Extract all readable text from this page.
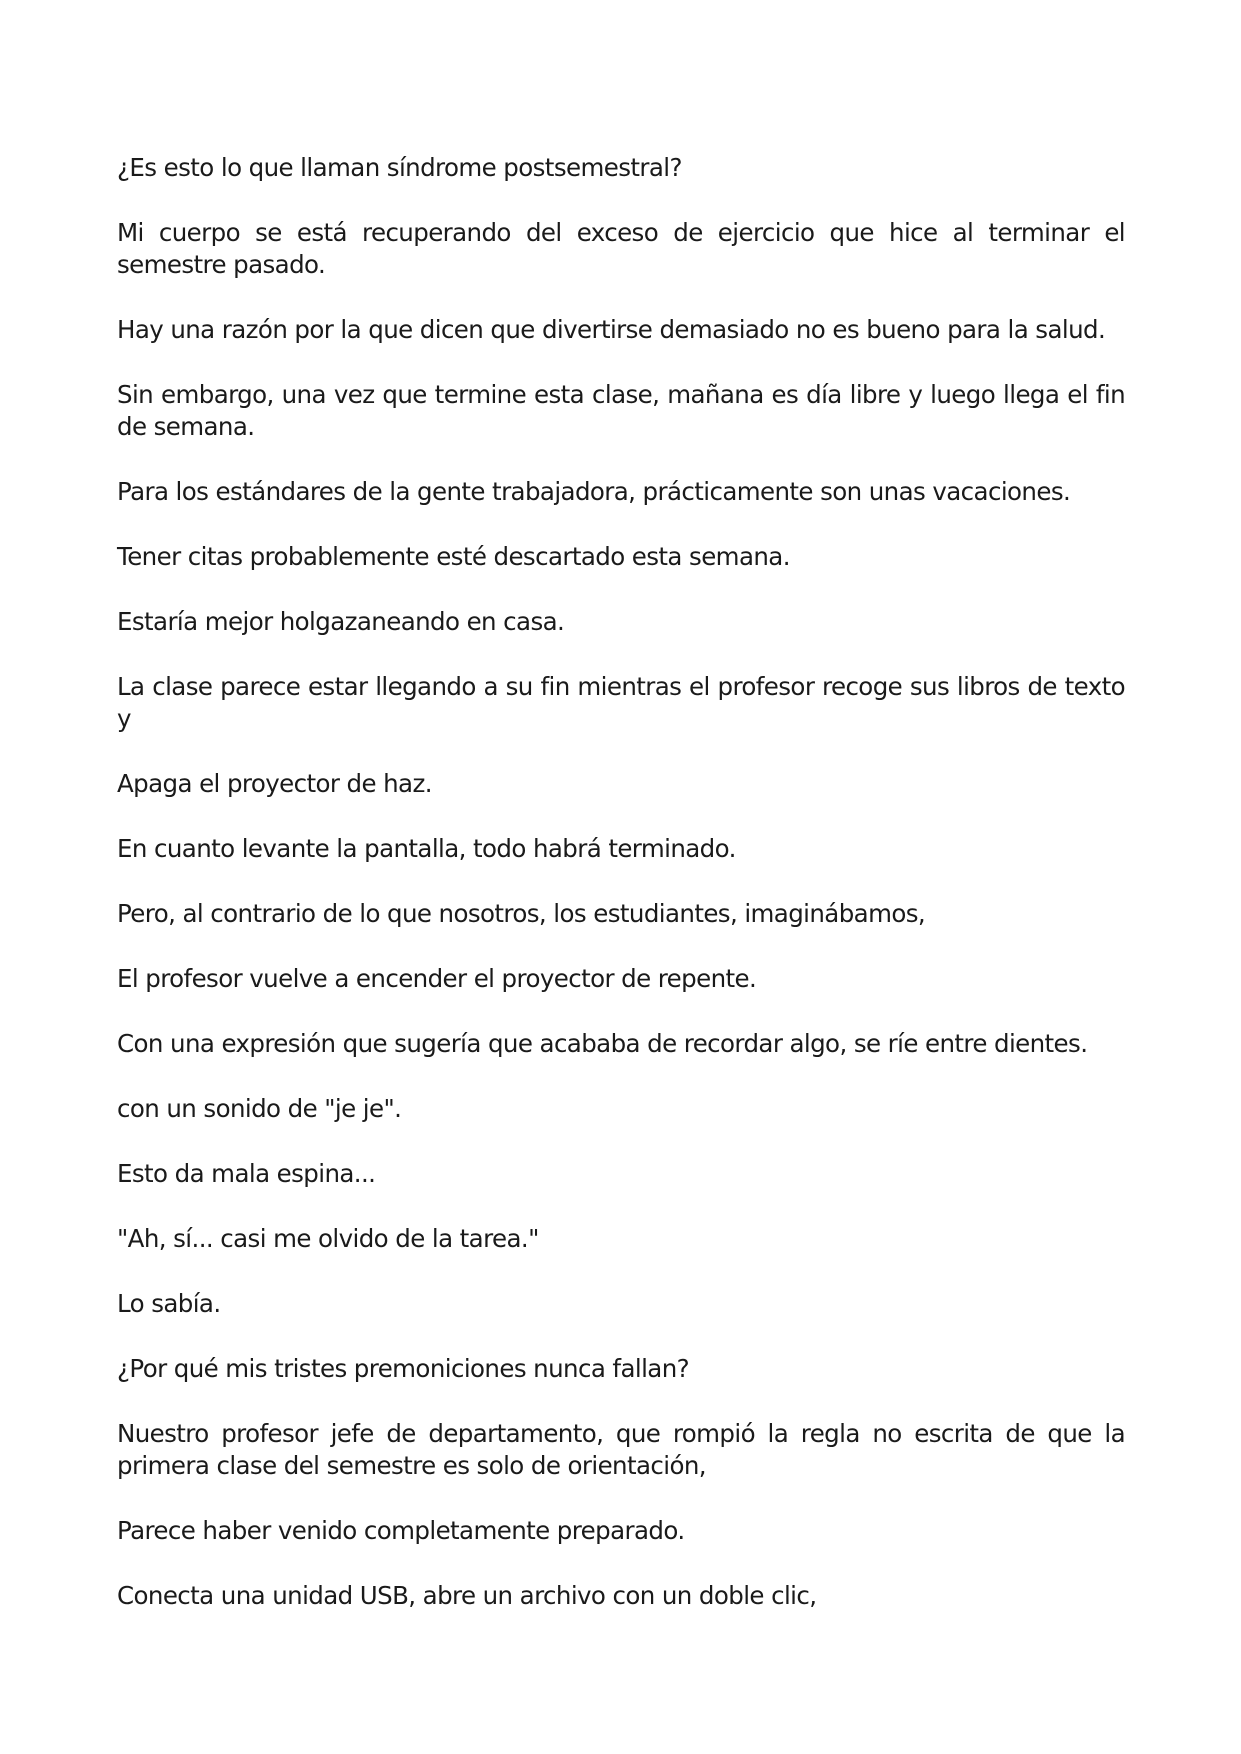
¿Es esto lo que llaman síndrome postsemestral?

Mi cuerpo se está recuperando del exceso de ejercicio que hice al terminar el semestre pasado.

Hay una razón por la que dicen que divertirse demasiado no es bueno para la salud.

Sin embargo, una vez que termine esta clase, mañana es día libre y luego llega el fin de semana.

Para los estándares de la gente trabajadora, prácticamente son unas vacaciones.

Tener citas probablemente esté descartado esta semana.

Estaría mejor holgazaneando en casa.

La clase parece estar llegando a su fin mientras el profesor recoge sus libros de texto y

Apaga el proyector de haz.

En cuanto levante la pantalla, todo habrá terminado.

Pero, al contrario de lo que nosotros, los estudiantes, imaginábamos,

El profesor vuelve a encender el proyector de repente.

Con una expresión que sugería que acababa de recordar algo, se ríe entre dientes.

con un sonido de "je je".

Esto da mala espina...

"Ah, sí... casi me olvido de la tarea."

Lo sabía.

¿Por qué mis tristes premoniciones nunca fallan?

Nuestro profesor jefe de departamento, que rompió la regla no escrita de que la primera clase del semestre es solo de orientación,

Parece haber venido completamente preparado.

Conecta una unidad USB, abre un archivo con un doble clic,
